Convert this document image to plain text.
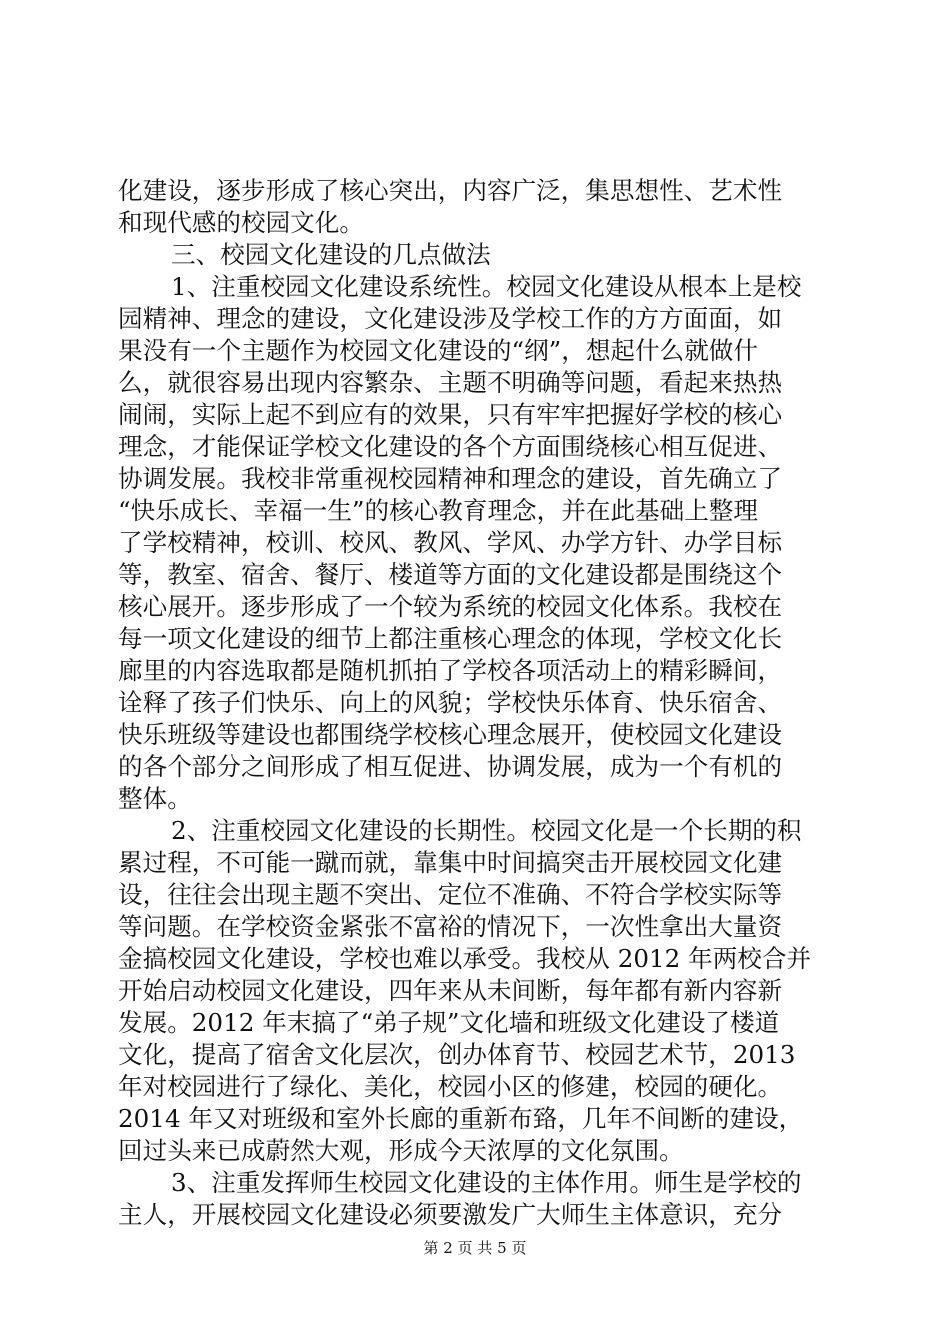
化建设，逐步形成了核心突出，内容广泛，集思想性、艺术性
和现代感的校园文化。
三、校园文化建设的几点做法
1、注重校园文化建设系统性。校园文化建设从根本上是校
园精神、理念的建设，文化建设涉及学校工作的方方面面，如
果没有一个主题作为校园文化建设的“纲”，想起什么就做什
么，就很容易出现内容繁杂、主题不明确等问题，看起来热热
闹闹，实际上起不到应有的效果，只有牢牢把握好学校的核心
理念，才能保证学校文化建设的各个方面围绕核心相互促进、
协调发展。我校非常重视校园精神和理念的建设，首先确立了
“快乐成长、幸福一生”的核心教育理念，并在此基础上整理
了学校精神，校训、校风、教风、学风、办学方针、办学目标
等，教室、宿舍、餐厅、楼道等方面的文化建设都是围绕这个
核心展开。逐步形成了一个较为系统的校园文化体系。我校在
每一项文化建设的细节上都注重核心理念的体现，学校文化长
廊里的内容选取都是随机抓拍了学校各项活动上的精彩瞬间，
诠释了孩子们快乐、向上的风貌；学校快乐体育、快乐宿舍、
快乐班级等建设也都围绕学校核心理念展开，使校园文化建设
的各个部分之间形成了相互促进、协调发展，成为一个有机的
整体。
2、注重校园文化建设的长期性。校园文化是一个长期的积
累过程，不可能一蹴而就，靠集中时间搞突击开展校园文化建
设，往往会出现主题不突出、定位不准确、不符合学校实际等
等问题。在学校资金紧张不富裕的情况下，一次性拿出大量资
金搞校园文化建设，学校也难以承受。我校从 2012 年两校合并
开始启动校园文化建设，四年来从未间断，每年都有新内容新
发展。2012 年末搞了“弟子规”文化墙和班级文化建设了楼道
文化，提高了宿舍文化层次，创办体育节、校园艺术节，2013
年对校园进行了绿化、美化，校园小区的修建，校园的硬化。
2014 年又对班级和室外长廊的重新布臵，几年不间断的建设，
回过头来已成蔚然大观，形成今天浓厚的文化氛围。
3、注重发挥师生校园文化建设的主体作用。师生是学校的
主人，开展校园文化建设必须要激发广大师生主体意识，充分
第 2 页 共 5 页
